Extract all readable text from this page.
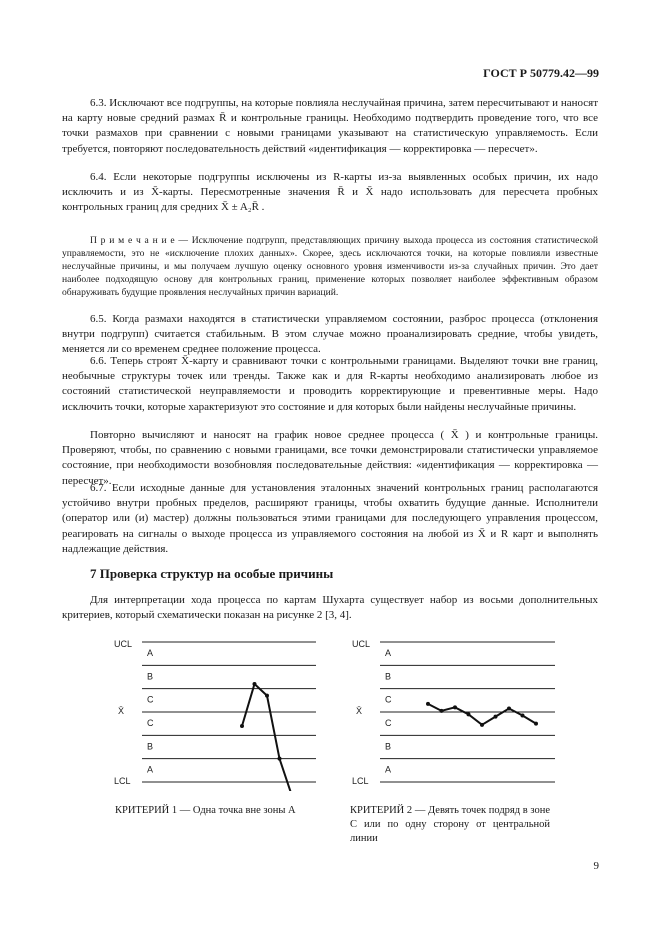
ГОСТ Р 50779.42—99

6.3. Исключают все подгруппы, на которые повлияла неслучайная причина, затем пересчитывают и наносят на карту новые средний размах R̄ и контрольные границы. Необходимо подтвердить проведение того, что все точки размахов при сравнении с новыми границами указывают на статистическую управляемость. Если требуется, повторяют последовательность действий «идентификация — корректировка — пересчет».

6.4. Если некоторые подгруппы исключены из R-карты из-за выявленных особых причин, их надо исключить и из X̄-карты. Пересмотренные значения R̄ и X̄ надо использовать для пересчета пробных контрольных границ для средних X̄ ± A₂R̄ .

П р и м е ч а н и е — Исключение подгрупп, представляющих причину выхода процесса из состояния статистической управляемости, это не «исключение плохих данных». Скорее, здесь исключаются точки, на которые повлияли известные неслучайные причины, и мы получаем лучшую оценку основного уровня изменчивости из-за случайных причин. Это дает наиболее подходящую основу для контрольных границ, применение которых позволяет наиболее эффективным образом обнаруживать будущие проявления неслучайных причин вариаций.

6.5. Когда размахи находятся в статистически управляемом состоянии, разброс процесса (отклонения внутри подгрупп) считается стабильным. В этом случае можно проанализировать средние, чтобы увидеть, меняется ли со временем среднее положение процесса.

6.6. Теперь строят X̄-карту и сравнивают точки с контрольными границами. Выделяют точки вне границ, необычные структуры точек или тренды. Также как и для R-карты необходимо анализировать любое из состояний статистической неуправляемости и проводить корректирующие и превентивные меры. Надо исключить точки, которые характеризуют это состояние и для которых были найдены неслучайные причины.

Повторно вычисляют и наносят на график новое среднее процесса ( X̄ ) и контрольные границы. Проверяют, чтобы, по сравнению с новыми границами, все точки демонстрировали статистически управляемое состояние, при необходимости возобновляя последовательные действия: «идентификация — корректировка — пересчет».

6.7. Если исходные данные для установления эталонных значений контрольных границ располагаются устойчиво внутри пробных пределов, расширяют границы, чтобы охватить будущие данные. Исполнители (оператор или (и) мастер) должны пользоваться этими границами для последующего управления процессом, реагировать на сигналы о выходе процесса из управляемого состояния на любой из X̄ и R карт и выполнять надлежащие действия.

7 Проверка структур на особые причины

Для интерпретации хода процесса по картам Шухарта существует набор из восьми дополнительных критериев, который схематически показан на рисунке 2 [3, 4].

UCL
X̄
LCL
A
B
C
C
B
A
UCL
X̄
LCL
A
B
C
C
B
A
КРИТЕРИЙ 1 — Одна точка вне зоны A	КРИТЕРИЙ 2 — Девять точек подряд в зоне C или по одну сторону от центральной линии
9
